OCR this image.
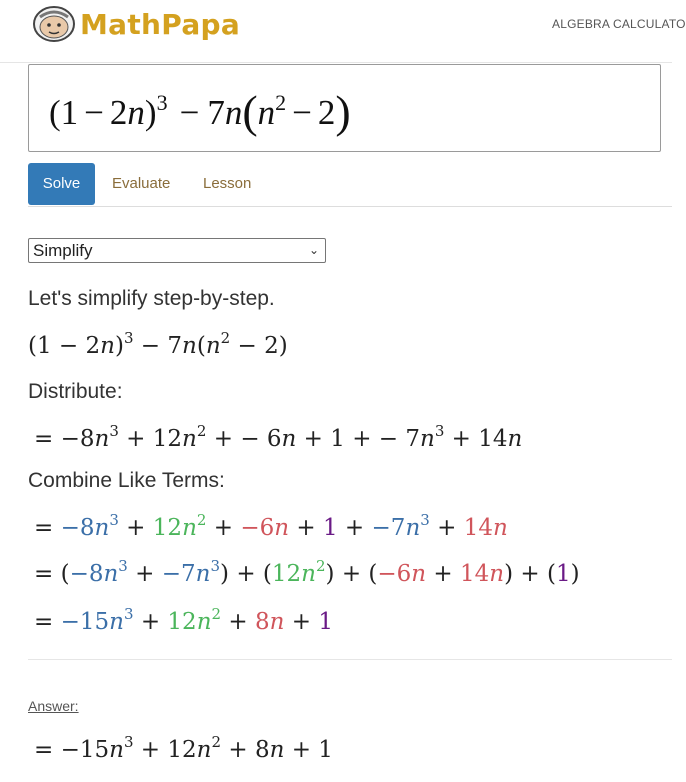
MathPapa	ALGEBRA CALCULATO
$(1 - 2n)^3 - 7n(n^2 - 2)$
Solve	Evaluate Lesson
Simplify	⌄
Let's simplify step-by-step.
$(1 - 2n)^3 - 7n(n^2 - 2)$
Distribute:
= $-8n^3 + 12n^2$ + − 6n + 1 + − $7n^3 + 14n$
Combine Like Terms:
= $-8n^3 + 12n^2 + -6n + 1 + -7n^3 + 14n$
= $(-8n^3 + -7n^3) + (12n^2) + (-6n + 14n) + (1)$
= $-15n^3 + 12n^2 + 8n + 1$
Answer:
= $-15n^3 + 12n^2 + 8n + 1$
